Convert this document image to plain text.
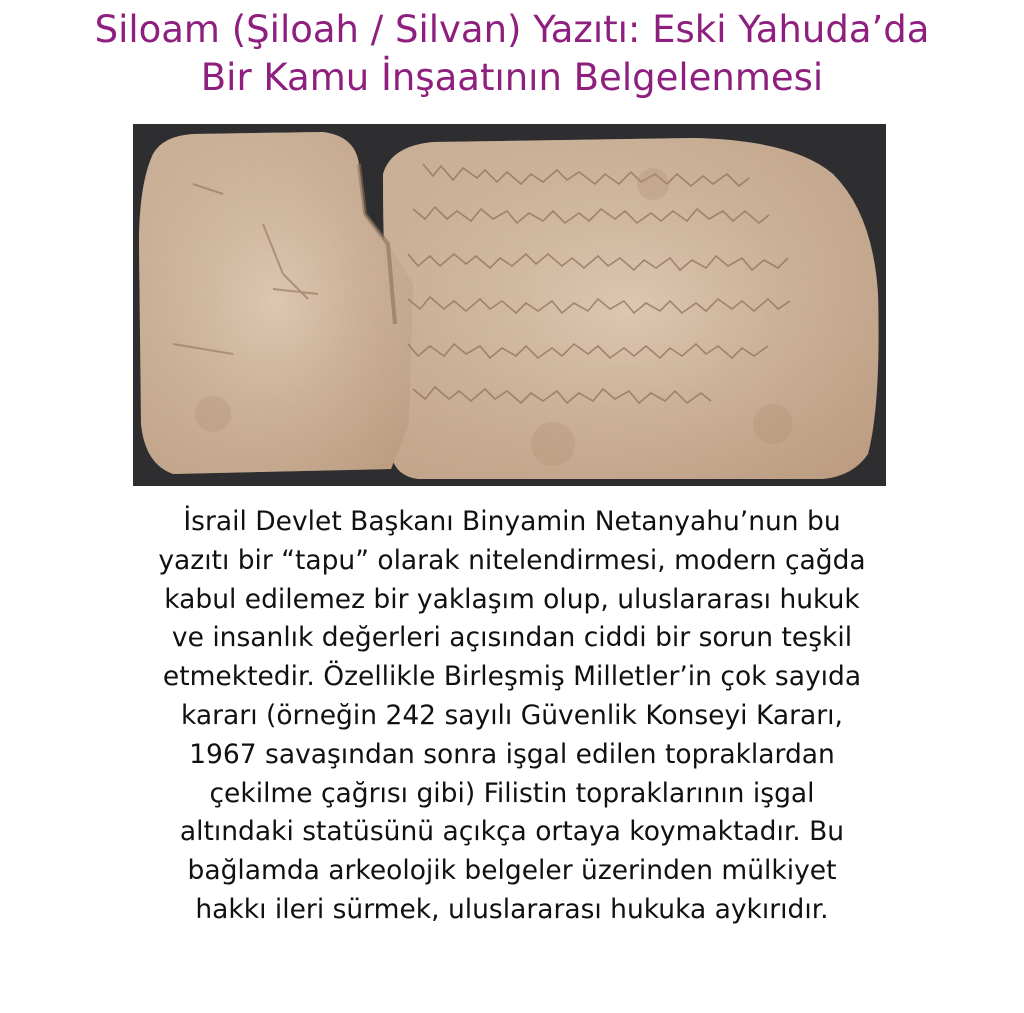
Siloam (Şiloah / Silvan) Yazıtı: Eski Yahuda’da
Bir Kamu İnşaatının Belgelenmesi

İsrail Devlet Başkanı Binyamin Netanyahu’nun bu
yazıtı bir “tapu” olarak nitelendirmesi, modern çağda
kabul edilemez bir yaklaşım olup, uluslararası hukuk
ve insanlık değerleri açısından ciddi bir sorun teşkil
etmektedir. Özellikle Birleşmiş Milletler’in çok sayıda
kararı (örneğin 242 sayılı Güvenlik Konseyi Kararı,
1967 savaşından sonra işgal edilen topraklardan
çekilme çağrısı gibi) Filistin topraklarının işgal
altındaki statüsünü açıkça ortaya koymaktadır. Bu
bağlamda arkeolojik belgeler üzerinden mülkiyet
hakkı ileri sürmek, uluslararası hukuka aykırıdır.
